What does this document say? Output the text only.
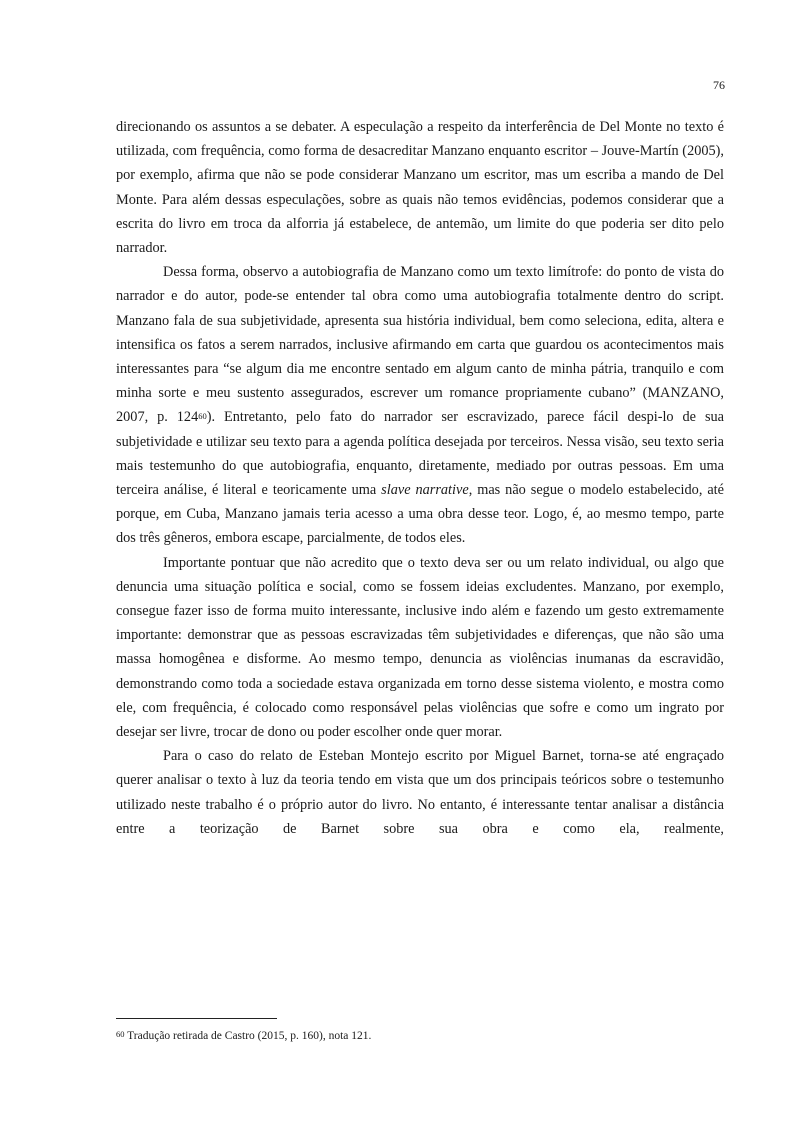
76

direcionando os assuntos a se debater. A especulação a respeito da interferência de Del Monte no texto é utilizada, com frequência, como forma de desacreditar Manzano enquanto escritor – Jouve-Martín (2005), por exemplo, afirma que não se pode considerar Manzano um escritor, mas um escriba a mando de Del Monte. Para além dessas especulações, sobre as quais não temos evidências, podemos considerar que a escrita do livro em troca da alforria já estabelece, de antemão, um limite do que poderia ser dito pelo narrador.

Dessa forma, observo a autobiografia de Manzano como um texto limítrofe: do ponto de vista do narrador e do autor, pode-se entender tal obra como uma autobiografia totalmente dentro do script. Manzano fala de sua subjetividade, apresenta sua história individual, bem como seleciona, edita, altera e intensifica os fatos a serem narrados, inclusive afirmando em carta que guardou os acontecimentos mais interessantes para “se algum dia me encontre sentado em algum canto de minha pátria, tranquilo e com minha sorte e meu sustento assegurados, escrever um romance propriamente cubano” (MANZANO, 2007, p. 124$^{60}$). Entretanto, pelo fato do narrador ser escravizado, parece fácil despi-lo de sua subjetividade e utilizar seu texto para a agenda política desejada por terceiros. Nessa visão, seu texto seria mais testemunho do que autobiografia, enquanto, diretamente, mediado por outras pessoas. Em uma terceira análise, é literal e teoricamente uma slave narrative, mas não segue o modelo estabelecido, até porque, em Cuba, Manzano jamais teria acesso a uma obra desse teor. Logo, é, ao mesmo tempo, parte dos três gêneros, embora escape, parcialmente, de todos eles.

Importante pontuar que não acredito que o texto deva ser ou um relato individual, ou algo que denuncia uma situação política e social, como se fossem ideias excludentes. Manzano, por exemplo, consegue fazer isso de forma muito interessante, inclusive indo além e fazendo um gesto extremamente importante: demonstrar que as pessoas escravizadas têm subjetividades e diferenças, que não são uma massa homogênea e disforme. Ao mesmo tempo, denuncia as violências inumanas da escravidão, demonstrando como toda a sociedade estava organizada em torno desse sistema violento, e mostra como ele, com frequência, é colocado como responsável pelas violências que sofre e como um ingrato por desejar ser livre, trocar de dono ou poder escolher onde quer morar.

Para o caso do relato de Esteban Montejo escrito por Miguel Barnet, torna-se até engraçado querer analisar o texto à luz da teoria tendo em vista que um dos principais teóricos sobre o testemunho utilizado neste trabalho é o próprio autor do livro. No entanto, é interessante tentar analisar a distância entre a teorização de Barnet sobre sua obra e como ela, realmente,

$^{60}$ Tradução retirada de Castro (2015, p. 160), nota 121.
